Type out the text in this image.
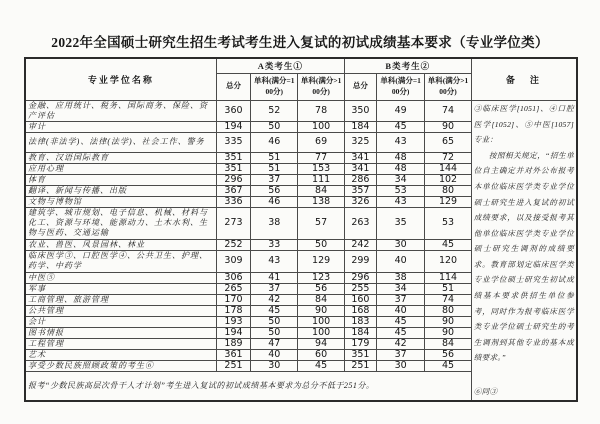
2022年全国硕士研究生招生考试考生进入复试的初试成绩基本要求（专业学位类）
专业学位名称	A类考生①			B类考生②			备　注
	总分	单科(满分=100分)	单科(满分>100分)	总分	单科(满分=100分)	单科(满分>100分)	
金融、应用统计、税务、国际商务、保险、资产评估	360	52	78	350	49	74	③临床医学[1051]、④口腔医学[1052]、⑤中医[1057]专业：

按照相关规定，“招生单位自主确定并对外公布报考本单位临床医学类专业学位硕士研究生进入复试的初试成绩要求，以及接受报考其他单位临床医学类专业学位硕士研究生调剂的成绩要求。教育部划定临床医学类专业学位硕士研究生初试成绩基本要求供招生单位参考，同时作为报考临床医学类专业学位硕士研究生的考生调剂到其他专业的基本成绩要求。”

⑥同③

审计	194	50	100	184	45	90	
法律(非法学)、法律(法学)、社会工作、警务	335	46	69	325	43	65	
教育、汉语国际教育	351	51	77	341	48	72	
应用心理	351	51	153	341	48	144	
体育	296	37	111	286	34	102	
翻译、新闻与传播、出版	367	56	84	357	53	80	
文物与博物馆	336	46	138	326	43	129	
建筑学、城市规划、电子信息、机械、材料与化工、资源与环境、能源动力、土木水利、生物与医药、交通运输	273	38	57	263	35	53	
农业、兽医、风景园林、林业	252	33	50	242	30	45	
临床医学③、口腔医学④、公共卫生、护理、药学、中药学	309	43	129	299	40	120	
中医⑤	306	41	123	296	38	114	
军事	265	37	56	255	34	51	
工商管理、旅游管理	170	42	84	160	37	74	
公共管理	178	45	90	168	40	80	
会计	193	50	100	183	45	90	
图书情报	194	50	100	184	45	90	
工程管理	189	47	94	179	42	84	
艺术	361	40	60	351	37	56	
享受少数民族照顾政策的考生⑥	251	30	45	251	30	45	
报考“少数民族高层次骨干人才计划”考生进入复试的初试成绩基本要求为总分不低于251分。							
